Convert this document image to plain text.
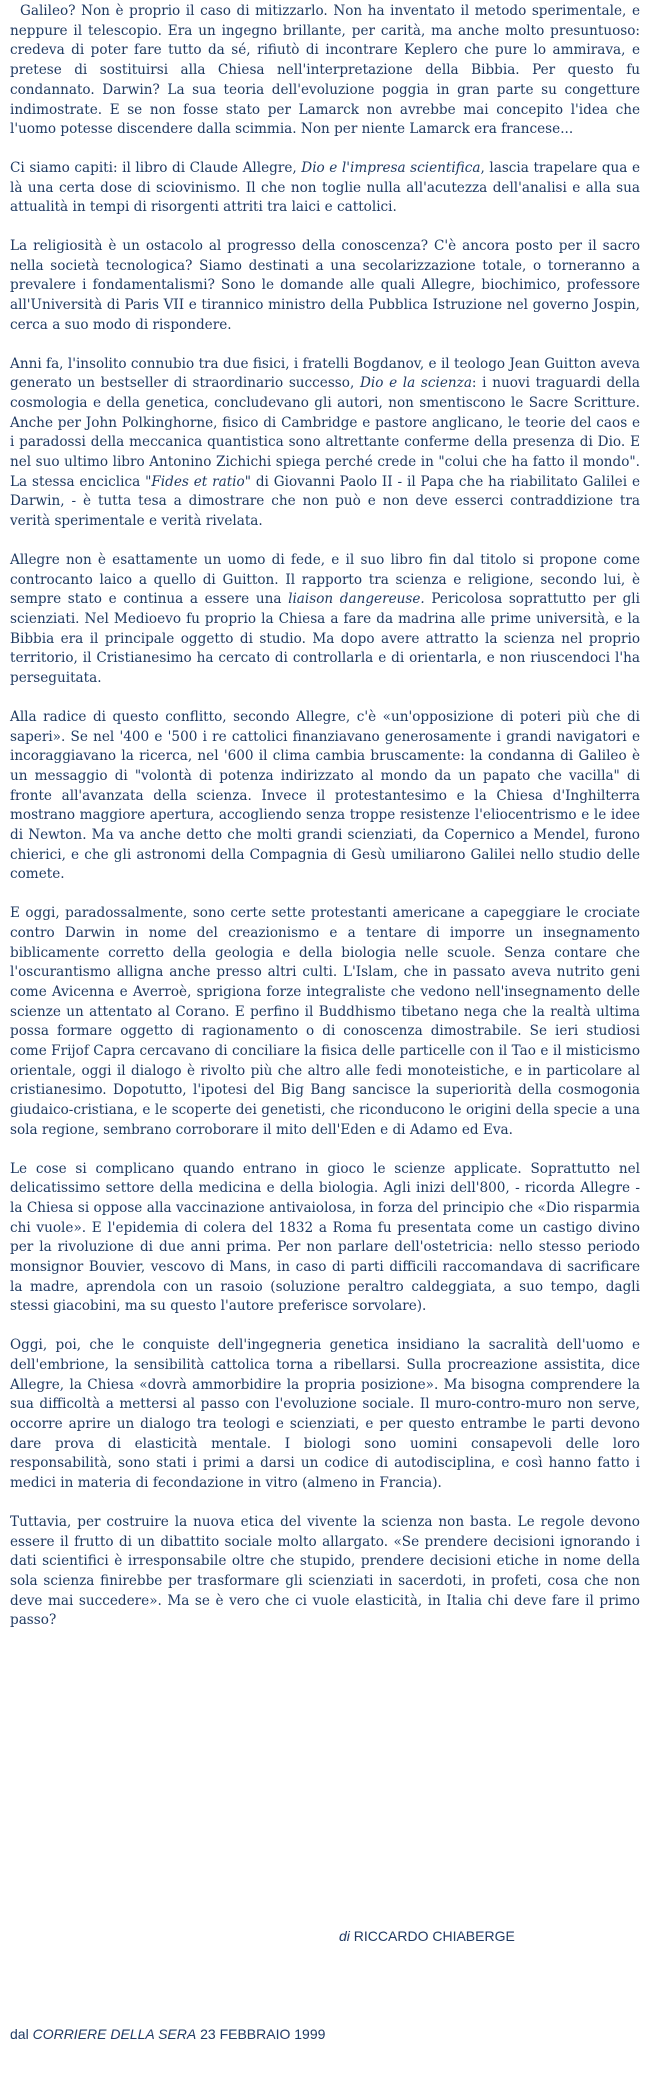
Galileo? Non è proprio il caso di mitizzarlo. Non ha inventato il metodo sperimentale, e neppure il telescopio. Era un ingegno brillante, per carità, ma anche molto presuntuoso: credeva di poter fare tutto da sé, rifiutò di incontrare Keplero che pure lo ammirava, e pretese di sostituirsi alla Chiesa nell'interpretazione della Bibbia. Per questo fu condannato. Darwin? La sua teoria dell'evoluzione poggia in gran parte su congetture indimostrate. E se non fosse stato per Lamarck non avrebbe mai concepito l'idea che l'uomo potesse discendere dalla scimmia. Non per niente Lamarck era francese...

Ci siamo capiti: il libro di Claude Allegre, Dio e l'impresa scientifica, lascia trapelare qua e là una certa dose di sciovinismo. Il che non toglie nulla all'acutezza dell'analisi e alla sua attualità in tempi di risorgenti attriti tra laici e cattolici.

La religiosità è un ostacolo al progresso della conoscenza? C'è ancora posto per il sacro nella società tecnologica? Siamo destinati a una secolarizzazione totale, o torneranno a prevalere i fondamentalismi? Sono le domande alle quali Allegre, biochimico, professore all'Università di Paris VII e tirannico ministro della Pubblica Istruzione nel governo Jospin, cerca a suo modo di rispondere.

Anni fa, l'insolito connubio tra due fisici, i fratelli Bogdanov, e il teologo Jean Guitton aveva generato un bestseller di straordinario successo, Dio e la scienza: i nuovi traguardi della cosmologia e della genetica, concludevano gli autori, non smentiscono le Sacre Scritture. Anche per John Polkinghorne, fisico di Cambridge e pastore anglicano, le teorie del caos e i paradossi della meccanica quantistica sono altrettante conferme della presenza di Dio. E nel suo ultimo libro Antonino Zichichi spiega perché crede in "colui che ha fatto il mondo". La stessa enciclica "Fides et ratio" di Giovanni Paolo II - il Papa che ha riabilitato Galilei e Darwin, - è tutta tesa a dimostrare che non può e non deve esserci contraddizione tra verità sperimentale e verità rivelata.

Allegre non è esattamente un uomo di fede, e il suo libro fin dal titolo si propone come controcanto laico a quello di Guitton. Il rapporto tra scienza e religione, secondo lui, è sempre stato e continua a essere una liaison dangereuse. Pericolosa soprattutto per gli scienziati. Nel Medioevo fu proprio la Chiesa a fare da madrina alle prime università, e la Bibbia era il principale oggetto di studio. Ma dopo avere attratto la scienza nel proprio territorio, il Cristianesimo ha cercato di controllarla e di orientarla, e non riuscendoci l'ha perseguitata.

Alla radice di questo conflitto, secondo Allegre, c'è «un'opposizione di poteri più che di saperi». Se nel '400 e '500 i re cattolici finanziavano generosamente i grandi navigatori e incoraggiavano la ricerca, nel '600 il clima cambia bruscamente: la condanna di Galileo è un messaggio di "volontà di potenza indirizzato al mondo da un papato che vacilla" di fronte all'avanzata della scienza. Invece il protestantesimo e la Chiesa d'Inghilterra mostrano maggiore apertura, accogliendo senza troppe resistenze l'eliocentrismo e le idee di Newton. Ma va anche detto che molti grandi scienziati, da Copernico a Mendel, furono chierici, e che gli astronomi della Compagnia di Gesù umiliarono Galilei nello studio delle comete.

E oggi, paradossalmente, sono certe sette protestanti americane a capeggiare le crociate contro Darwin in nome del creazionismo e a tentare di imporre un insegnamento biblicamente corretto della geologia e della biologia nelle scuole. Senza contare che l'oscurantismo alligna anche presso altri culti. L'Islam, che in passato aveva nutrito geni come Avicenna e Averroè, sprigiona forze integraliste che vedono nell'insegnamento delle scienze un attentato al Corano. E perfino il Buddhismo tibetano nega che la realtà ultima possa formare oggetto di ragionamento o di conoscenza dimostrabile. Se ieri studiosi come Frijof Capra cercavano di conciliare la fisica delle particelle con il Tao e il misticismo orientale, oggi il dialogo è rivolto più che altro alle fedi monoteistiche, e in particolare al cristianesimo. Dopotutto, l'ipotesi del Big Bang sancisce la superiorità della cosmogonia giudaico-cristiana, e le scoperte dei genetisti, che riconducono le origini della specie a una sola regione, sembrano corroborare il mito dell'Eden e di Adamo ed Eva.

Le cose si complicano quando entrano in gioco le scienze applicate. Soprattutto nel delicatissimo settore della medicina e della biologia. Agli inizi dell'800, - ricorda Allegre - la Chiesa si oppose alla vaccinazione antivaiolosa, in forza del principio che «Dio risparmia chi vuole». E l'epidemia di colera del 1832 a Roma fu presentata come un castigo divino per la rivoluzione di due anni prima. Per non parlare dell'ostetricia: nello stesso periodo monsignor Bouvier, vescovo di Mans, in caso di parti difficili raccomandava di sacrificare la madre, aprendola con un rasoio (soluzione peraltro caldeggiata, a suo tempo, dagli stessi giacobini, ma su questo l'autore preferisce sorvolare).

Oggi, poi, che le conquiste dell'ingegneria genetica insidiano la sacralità dell'uomo e dell'embrione, la sensibilità cattolica torna a ribellarsi. Sulla procreazione assistita, dice Allegre, la Chiesa «dovrà ammorbidire la propria posizione». Ma bisogna comprendere la sua difficoltà a mettersi al passo con l'evoluzione sociale. Il muro-contro-muro non serve, occorre aprire un dialogo tra teologi e scienziati, e per questo entrambe le parti devono dare prova di elasticità mentale. I biologi sono uomini consapevoli delle loro responsabilità, sono stati i primi a darsi un codice di autodisciplina, e così hanno fatto i medici in materia di fecondazione in vitro (almeno in Francia).

Tuttavia, per costruire la nuova etica del vivente la scienza non basta. Le regole devono essere il frutto di un dibattito sociale molto allargato. «Se prendere decisioni ignorando i dati scientifici è irresponsabile oltre che stupido, prendere decisioni etiche in nome della sola scienza finirebbe per trasformare gli scienziati in sacerdoti, in profeti, cosa che non deve mai succedere». Ma se è vero che ci vuole elasticità, in Italia chi deve fare il primo passo?

di RICCARDO CHIABERGE
dal CORRIERE DELLA SERA 23 FEBBRAIO 1999
